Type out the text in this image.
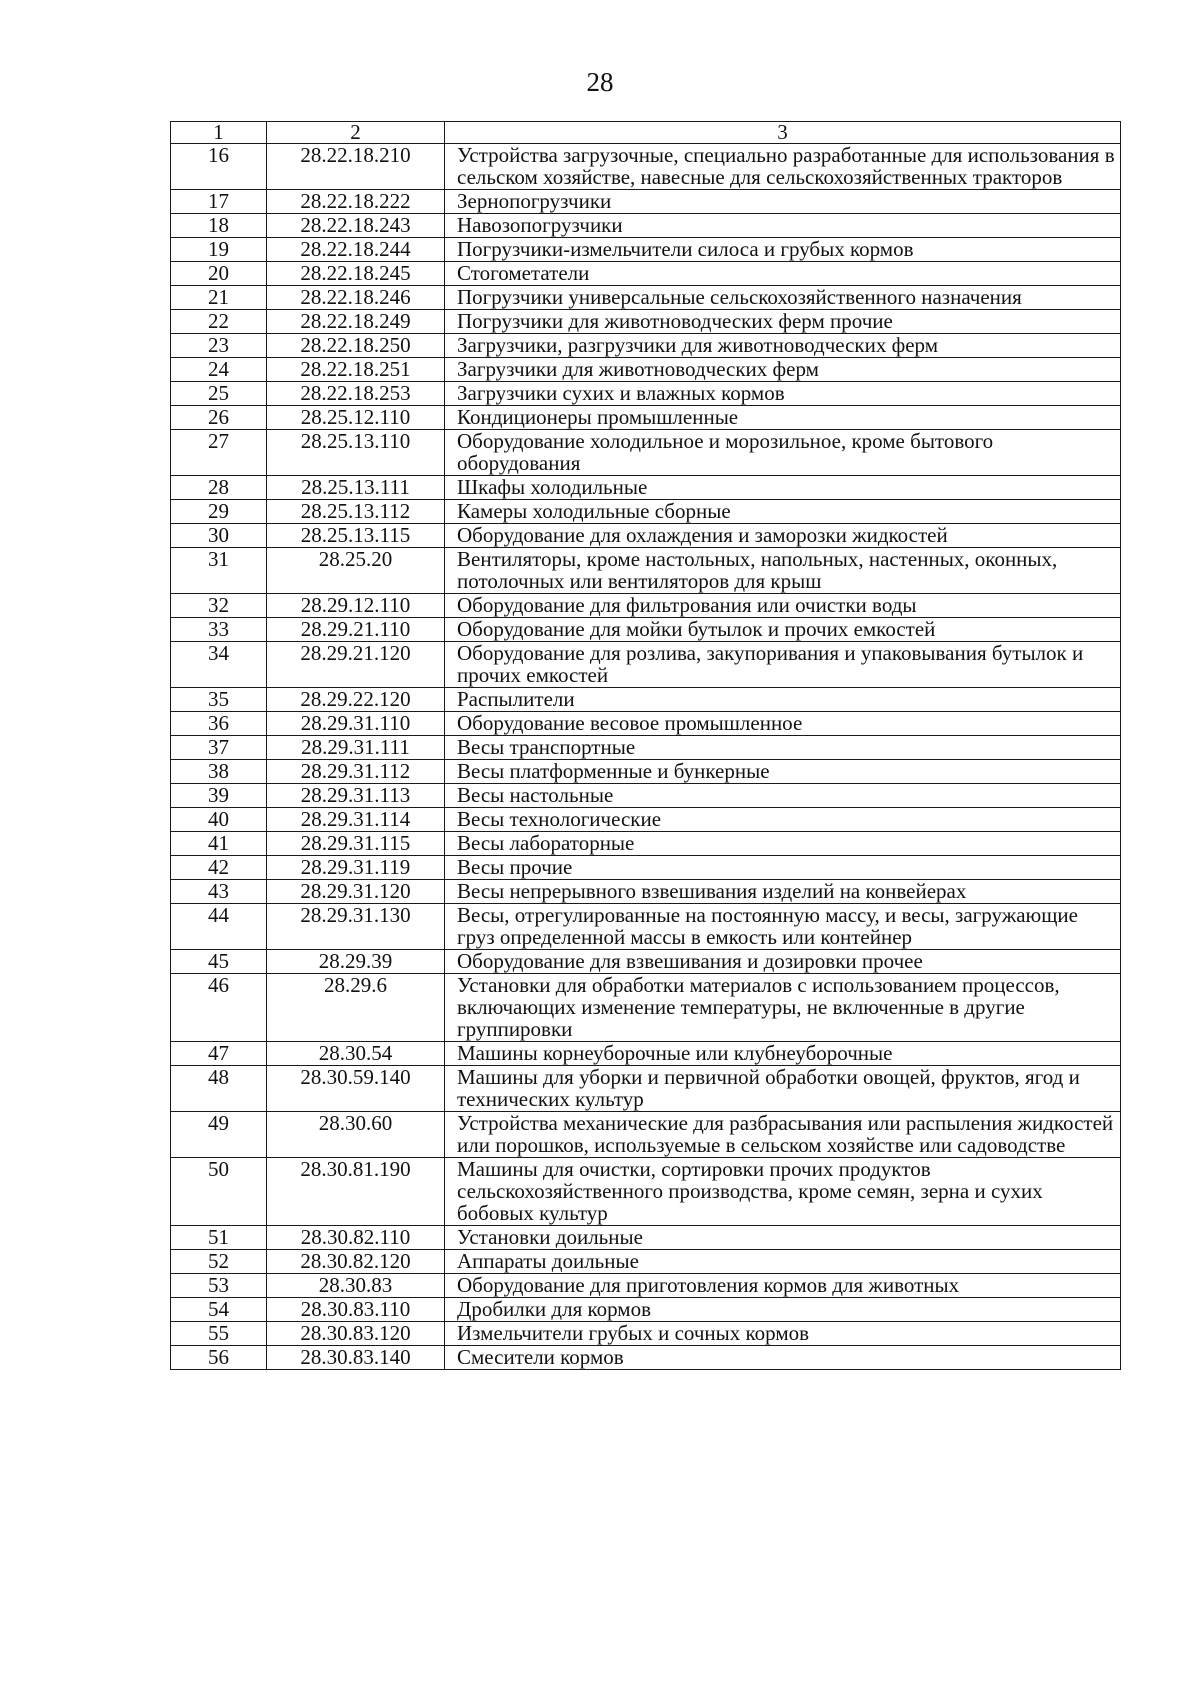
28
1	2	3
16	28.22.18.210	Устройства загрузочные, специально разработанные для использования в сельском хозяйстве, навесные для сельскохозяйственных тракторов
17	28.22.18.222	Зернопогрузчики
18	28.22.18.243	Навозопогрузчики
19	28.22.18.244	Погрузчики-измельчители силоса и грубых кормов
20	28.22.18.245	Стогометатели
21	28.22.18.246	Погрузчики универсальные сельскохозяйственного назначения
22	28.22.18.249	Погрузчики для животноводческих ферм прочие
23	28.22.18.250	Загрузчики, разгрузчики для животноводческих ферм
24	28.22.18.251	Загрузчики для животноводческих ферм
25	28.22.18.253	Загрузчики сухих и влажных кормов
26	28.25.12.110	Кондиционеры промышленные
27	28.25.13.110	Оборудование холодильное и морозильное, кроме бытового оборудования
28	28.25.13.111	Шкафы холодильные
29	28.25.13.112	Камеры холодильные сборные
30	28.25.13.115	Оборудование для охлаждения и заморозки жидкостей
31	28.25.20	Вентиляторы, кроме настольных, напольных, настенных, оконных, потолочных или вентиляторов для крыш
32	28.29.12.110	Оборудование для фильтрования или очистки воды
33	28.29.21.110	Оборудование для мойки бутылок и прочих емкостей
34	28.29.21.120	Оборудование для розлива, закупоривания и упаковывания бутылок и прочих емкостей
35	28.29.22.120	Распылители
36	28.29.31.110	Оборудование весовое промышленное
37	28.29.31.111	Весы транспортные
38	28.29.31.112	Весы платформенные и бункерные
39	28.29.31.113	Весы настольные
40	28.29.31.114	Весы технологические
41	28.29.31.115	Весы лабораторные
42	28.29.31.119	Весы прочие
43	28.29.31.120	Весы непрерывного взвешивания изделий на конвейерах
44	28.29.31.130	Весы, отрегулированные на постоянную массу, и весы, загружающие груз определенной массы в емкость или контейнер
45	28.29.39	Оборудование для взвешивания и дозировки прочее
46	28.29.6	Установки для обработки материалов с использованием процессов, включающих изменение температуры, не включенные в другие группировки
47	28.30.54	Машины корнеуборочные или клубнеуборочные
48	28.30.59.140	Машины для уборки и первичной обработки овощей, фруктов, ягод и технических культур
49	28.30.60	Устройства механические для разбрасывания или распыления жидкостей или порошков, используемые в сельском хозяйстве или садоводстве
50	28.30.81.190	Машины для очистки, сортировки прочих продуктов сельскохозяйственного производства, кроме семян, зерна и сухих бобовых культур
51	28.30.82.110	Установки доильные
52	28.30.82.120	Аппараты доильные
53	28.30.83	Оборудование для приготовления кормов для животных
54	28.30.83.110	Дробилки для кормов
55	28.30.83.120	Измельчители грубых и сочных кормов
56	28.30.83.140	Смесители кормов
